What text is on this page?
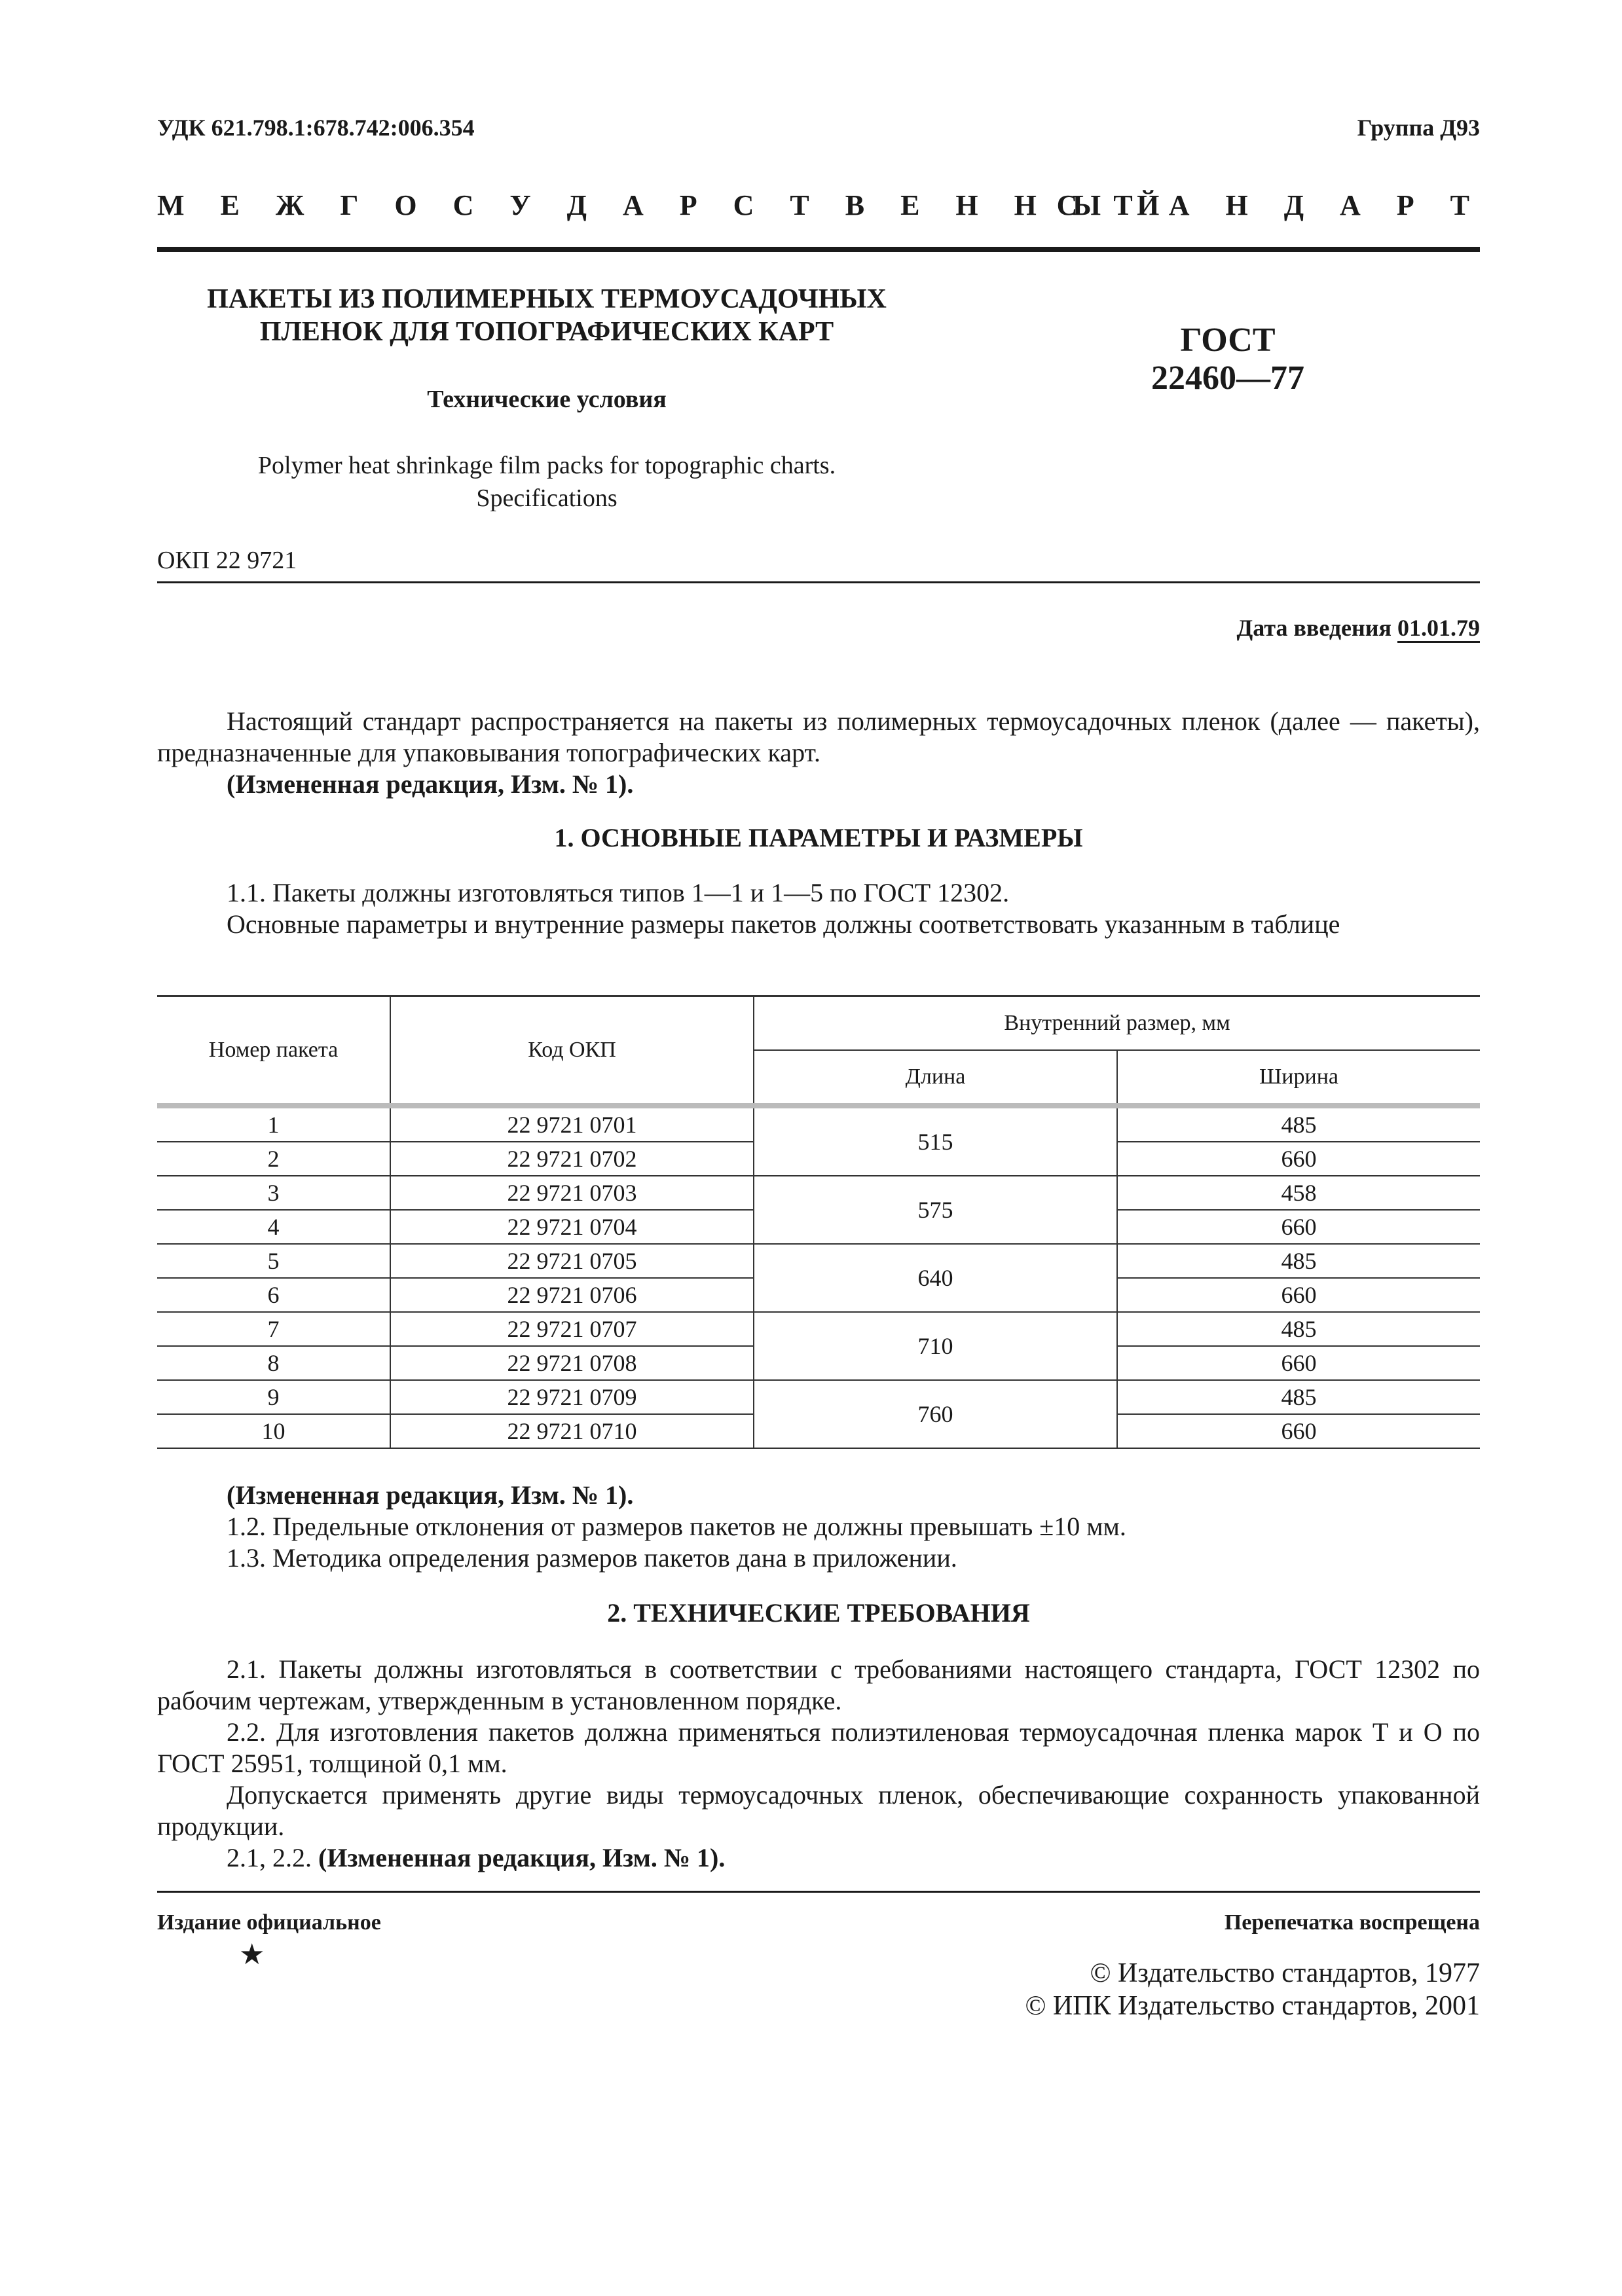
УДК 621.798.1:678.742:006.354	Группа Д93
М Е Ж Г О С У Д А Р С Т В Е Н Н Ы Й
С Т А Н Д А Р Т
ПАКЕТЫ ИЗ ПОЛИМЕРНЫХ ТЕРМОУСАДОЧНЫХ
ПЛЕНОК ДЛЯ ТОПОГРАФИЧЕСКИХ КАРТ
Технические условия
Polymer heat shrinkage film packs for topographic charts.
Specifications
ГОСТ
22460—77
ОКП 22 9721
Дата введения 01.01.79
Настоящий стандарт распространяется на пакеты из полимерных термоусадочных пленок (далее — пакеты), предназначенные для упаковывания топографических карт.
(Измененная редакция, Изм. № 1).
1. ОСНОВНЫЕ ПАРАМЕТРЫ И РАЗМЕРЫ
1.1. Пакеты должны изготовляться типов 1—1 и 1—5 по ГОСТ 12302.
Основные параметры и внутренние размеры пакетов должны соответствовать указанным в таблице
Номер пакета	Код ОКП	Внутренний размер, мм	
		Длина	Ширина
1	22 9721 0701	515	485
2	22 9721 0702		660
3	22 9721 0703	575	458
4	22 9721 0704		660
5	22 9721 0705	640	485
6	22 9721 0706		660
7	22 9721 0707	710	485
8	22 9721 0708		660
9	22 9721 0709	760	485
10	22 9721 0710		660
(Измененная редакция, Изм. № 1).
1.2. Предельные отклонения от размеров пакетов не должны превышать ±10 мм.
1.3. Методика определения размеров пакетов дана в приложении.
2. ТЕХНИЧЕСКИЕ ТРЕБОВАНИЯ
2.1. Пакеты должны изготовляться в соответствии с требованиями настоящего стандарта, ГОСТ 12302 по рабочим чертежам, утвержденным в установленном порядке.
2.2. Для изготовления пакетов должна применяться полиэтиленовая термоусадочная пленка марок Т и О по ГОСТ 25951, толщиной 0,1 мм.
Допускается применять другие виды термоусадочных пленок, обеспечивающие сохранность упакованной продукции.
2.1, 2.2. (Измененная редакция, Изм. № 1).
Издание официальное
★
Перепечатка воспрещена
© Издательство стандартов, 1977
© ИПК Издательство стандартов, 2001
